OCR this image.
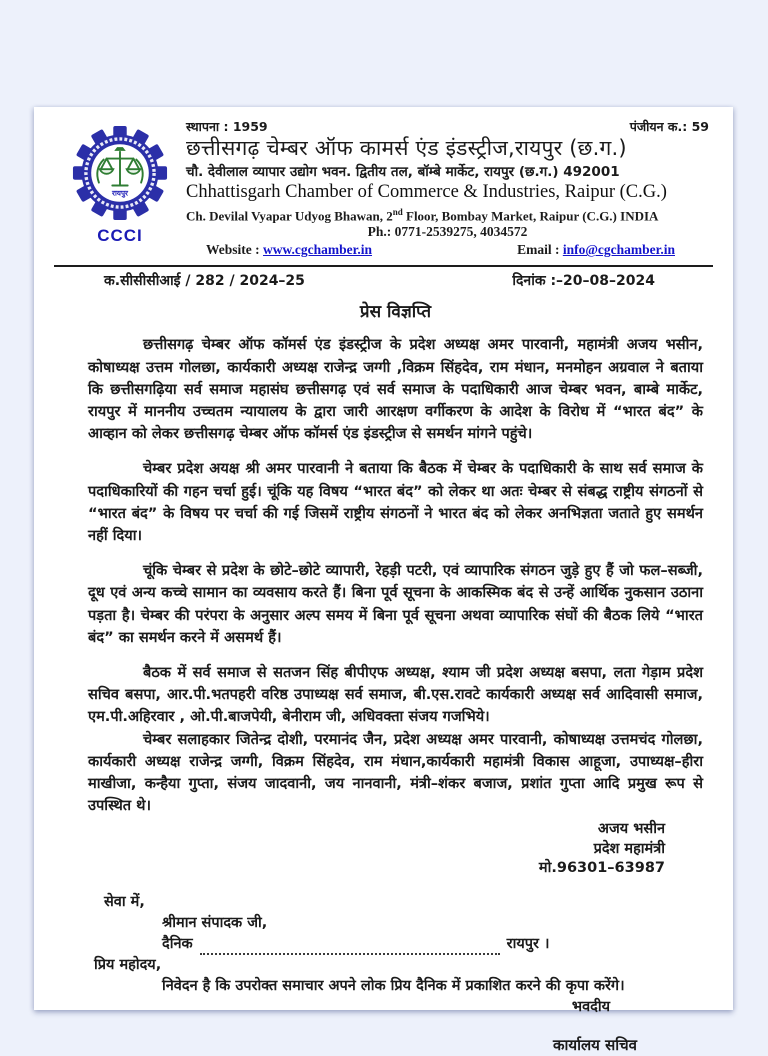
रायपुर
CCCI
स्थापना : 1959	पंजीयन क.: 59
छत्तीसगढ़ चेम्बर ऑफ कामर्स एंड इंडस्ट्रीज,रायपुर (छ.ग.)
चौ. देवीलाल व्यापार उद्योग भवन. द्वितीय तल, बॉम्बे मार्केट, रायपुर (छ.ग.) 492001
Chhattisgarh Chamber of Commerce & Industries, Raipur (C.G.)
Ch. Devilal Vyapar Udyog Bhawan, 2nd Floor, Bombay Market, Raipur (C.G.) INDIA
Ph.: 0771-2539275, 4034572
Website : www.cgchamber.in	Email : info@cgchamber.in
क.सीसीसीआई / 282 / 2024–25	दिनांक :–20–08–2024
प्रेस विज्ञप्ति

छत्तीसगढ़ चेम्बर ऑफ कॉमर्स एंड इंडस्ट्रीज के प्रदेश अध्यक्ष अमर पारवानी, महामंत्री अजय भसीन, कोषाध्यक्ष उत्तम गोलछा, कार्यकारी अध्यक्ष राजेन्द्र जग्गी ,विक्रम सिंहदेव, राम मंधान, मनमोहन अग्रवाल ने बताया कि छत्तीसगढ़िया सर्व समाज महासंघ छत्तीसगढ़ एवं सर्व समाज के पदाधिकारी आज चेम्बर भवन, बाम्बे मार्केट, रायपुर में माननीय उच्चतम न्यायालय के द्वारा जारी आरक्षण वर्गीकरण के आदेश के विरोध में “भारत बंद” के आव्हान को लेकर छत्तीसगढ़ चेम्बर ऑफ कॉमर्स एंड इंडस्ट्रीज से समर्थन मांगने पहुंचे।

चेम्बर प्रदेश अयक्ष श्री अमर पारवानी ने बताया कि बैठक में चेम्बर के पदाधिकारी के साथ सर्व समाज के पदाधिकारियों की गहन चर्चा हुई। चूंकि यह विषय “भारत बंद” को लेकर था अतः चेम्बर से संबद्ध राष्ट्रीय संगठनों से “भारत बंद” के विषय पर चर्चा की गई जिसमें राष्ट्रीय संगठनों ने भारत बंद को लेकर अनभिज्ञता जताते हुए समर्थन नहीं दिया।

चूंकि चेम्बर से प्रदेश के छोटे–छोटे व्यापारी, रेहड़ी पटरी, एवं व्यापारिक संगठन जुड़े हुए हैं जो फल–सब्जी, दूध एवं अन्य कच्चे सामान का व्यवसाय करते हैं। बिना पूर्व सूचना के आकस्मिक बंद से उन्हें आर्थिक नुकसान उठाना पड़ता है। चेम्बर की परंपरा के अनुसार अल्प समय में बिना पूर्व सूचना अथवा व्यापारिक संघों की बैठक लिये “भारत बंद” का समर्थन करने में असमर्थ हैं।

बैठक में सर्व समाज से सतजन सिंह बीपीएफ अध्यक्ष, श्याम जी प्रदेश अध्यक्ष बसपा, लता गेड़ाम प्रदेश सचिव बसपा, आर.पी.भतपहरी वरिष्ठ उपाध्यक्ष सर्व समाज, बी.एस.रावटे कार्यकारी अध्यक्ष सर्व आदिवासी समाज, एम.पी.अहिरवार , ओ.पी.बाजपेयी, बेनीराम जी, अधिवक्ता संजय गजभिये।

चेम्बर सलाहकार जितेन्द्र दोशी, परमानंद जैन, प्रदेश अध्यक्ष अमर पारवानी, कोषाध्यक्ष उत्तमचंद गोलछा, कार्यकारी अध्यक्ष राजेन्द्र जग्गी, विक्रम सिंहदेव, राम मंधान,कार्यकारी महामंत्री विकास आहूजा, उपाध्यक्ष–हीरा माखीजा, कन्हैया गुप्ता, संजय जादवानी, जय नानवानी, मंत्री–शंकर बजाज, प्रशांत गुप्ता आदि प्रमुख रूप से उपस्थित थे।

अजय भसीन
प्रदेश महामंत्री
मो.96301–63987
सेवा में,
श्रीमान संपादक जी,
दैनिक	रायपुर ।
प्रिय महोदय,
निवेदन है कि उपरोक्त समाचार अपने लोक प्रिय दैनिक में प्रकाशित करने की कृपा करेंगे।
भवदीय
कार्यालय सचिव
